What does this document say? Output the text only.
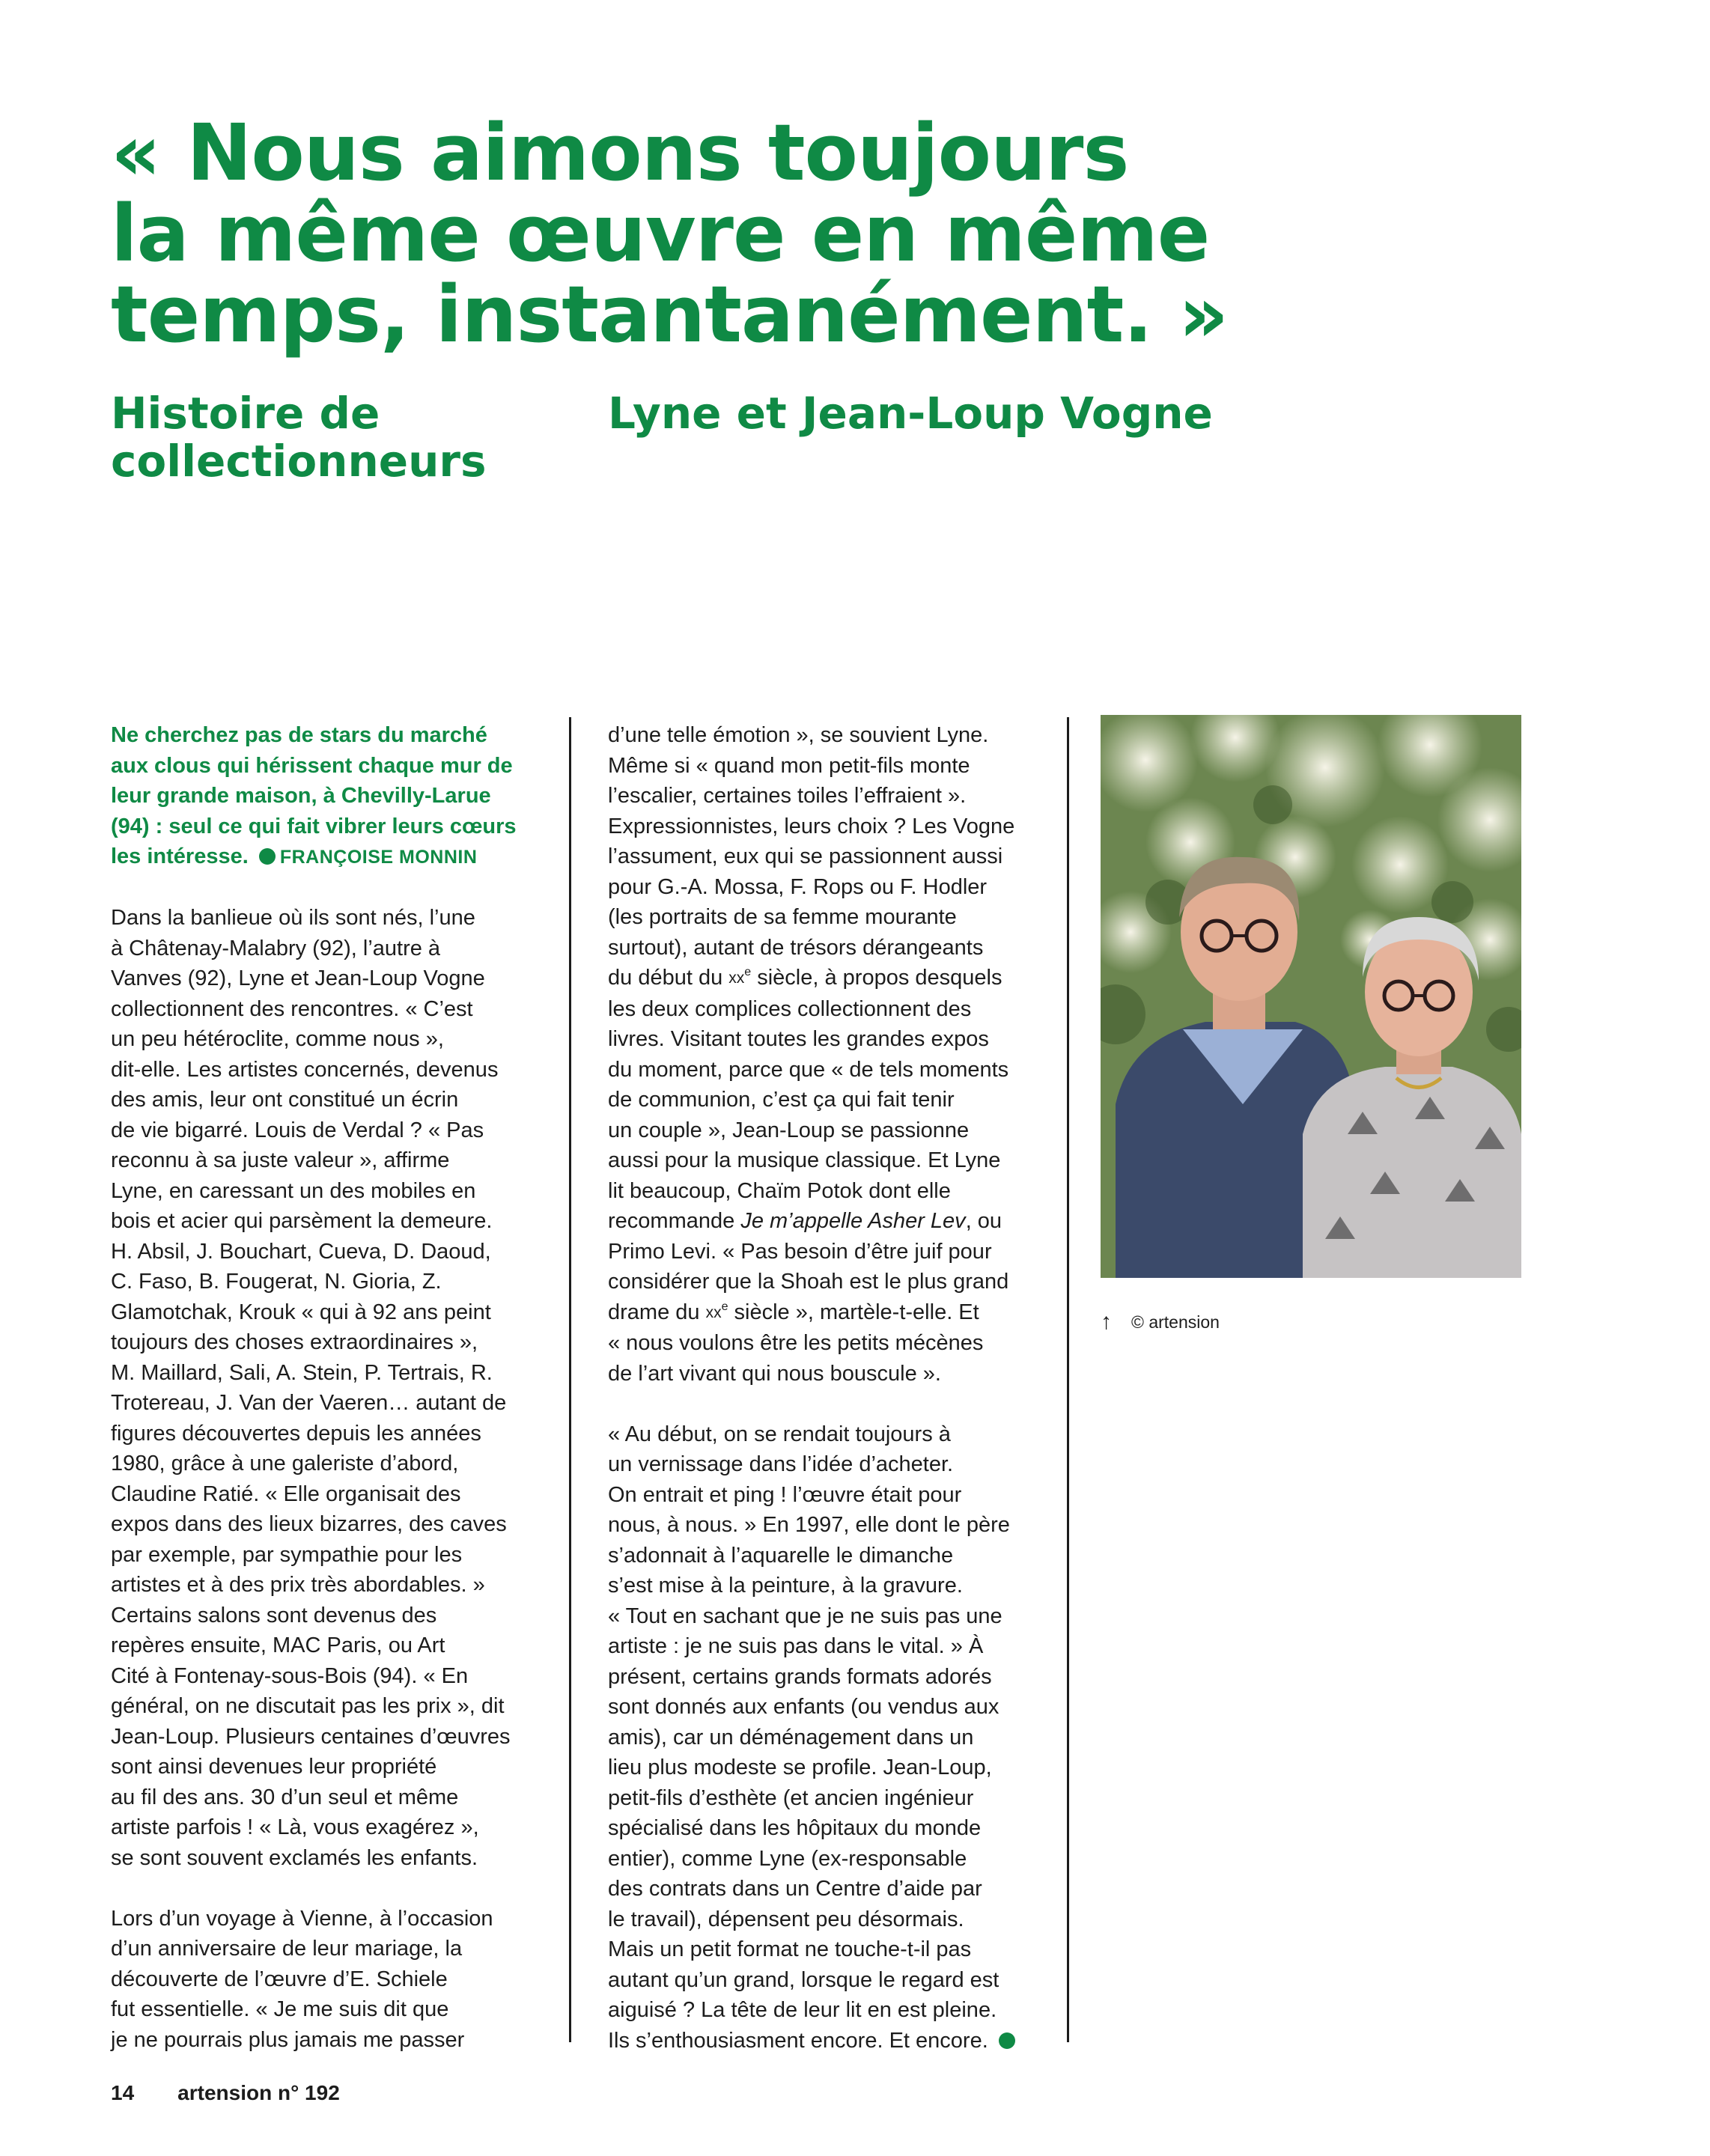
« Nous aimons toujours
la même œuvre en même
temps, instantanément. »
Histoire de
collectionneurs
Lyne et Jean-Loup Vogne
Ne cherchez pas de stars du marché
aux clous qui hérissent chaque mur de
leur grande maison, à Chevilly-Larue
(94) : seul ce qui fait vibrer leurs cœurs
les intéresse. FRANÇOISE MONNIN
Dans la banlieue où ils sont nés, l’une
à Châtenay-Malabry (92), l’autre à
Vanves (92), Lyne et Jean-Loup Vogne
collectionnent des rencontres. « C’est
un peu hétéroclite, comme nous »,
dit-elle. Les artistes concernés, devenus
des amis, leur ont constitué un écrin
de vie bigarré. Louis de Verdal ? « Pas
reconnu à sa juste valeur », affirme
Lyne, en caressant un des mobiles en
bois et acier qui parsèment la demeure.
H. Absil, J. Bouchart, Cueva, D. Daoud,
C. Faso, B. Fougerat, N. Gioria, Z.
Glamotchak, Krouk « qui à 92 ans peint
toujours des choses extraordinaires »,
M. Maillard, Sali, A. Stein, P. Tertrais, R.
Trotereau, J. Van der Vaeren… autant de
figures découvertes depuis les années
1980, grâce à une galeriste d’abord,
Claudine Ratié. « Elle organisait des
expos dans des lieux bizarres, des caves
par exemple, par sympathie pour les
artistes et à des prix très abordables. »
Certains salons sont devenus des
repères ensuite, MAC Paris, ou Art
Cité à Fontenay-sous-Bois (94). « En
général, on ne discutait pas les prix », dit
Jean-Loup. Plusieurs centaines d’œuvres
sont ainsi devenues leur propriété
au fil des ans. 30 d’un seul et même
artiste parfois ! « Là, vous exagérez »,
se sont souvent exclamés les enfants.
Lors d’un voyage à Vienne, à l’occasion
d’un anniversaire de leur mariage, la
découverte de l’œuvre d’E. Schiele
fut essentielle. « Je me suis dit que
je ne pourrais plus jamais me passer
d’une telle émotion », se souvient Lyne.
Même si « quand mon petit-fils monte
l’escalier, certaines toiles l’effraient ».
Expressionnistes, leurs choix ? Les Vogne
l’assument, eux qui se passionnent aussi
pour G.-A. Mossa, F. Rops ou F. Hodler
(les portraits de sa femme mourante
surtout), autant de trésors dérangeants
du début du $xx^e$ siècle, à propos desquels
les deux complices collectionnent des
livres. Visitant toutes les grandes expos
du moment, parce que « de tels moments
de communion, c’est ça qui fait tenir
un couple », Jean-Loup se passionne
aussi pour la musique classique. Et Lyne
lit beaucoup, Chaïm Potok dont elle
recommande Je m’appelle Asher Lev, ou
Primo Levi. « Pas besoin d’être juif pour
considérer que la Shoah est le plus grand
drame du $xx^e$ siècle », martèle-t-elle. Et
« nous voulons être les petits mécènes
de l’art vivant qui nous bouscule ».
« Au début, on se rendait toujours à
un vernissage dans l’idée d’acheter.
On entrait et ping ! l’œuvre était pour
nous, à nous. » En 1997, elle dont le père
s’adonnait à l’aquarelle le dimanche
s’est mise à la peinture, à la gravure.
« Tout en sachant que je ne suis pas une
artiste : je ne suis pas dans le vital. » À
présent, certains grands formats adorés
sont donnés aux enfants (ou vendus aux
amis), car un déménagement dans un
lieu plus modeste se profile. Jean-Loup,
petit-fils d’esthète (et ancien ingénieur
spécialisé dans les hôpitaux du monde
entier), comme Lyne (ex-responsable
des contrats dans un Centre d’aide par
le travail), dépensent peu désormais.
Mais un petit format ne touche-t-il pas
autant qu’un grand, lorsque le regard est
aiguisé ? La tête de leur lit en est pleine.
Ils s’enthousiasment encore. Et encore.
↑ © artension
14 artension n° 192
